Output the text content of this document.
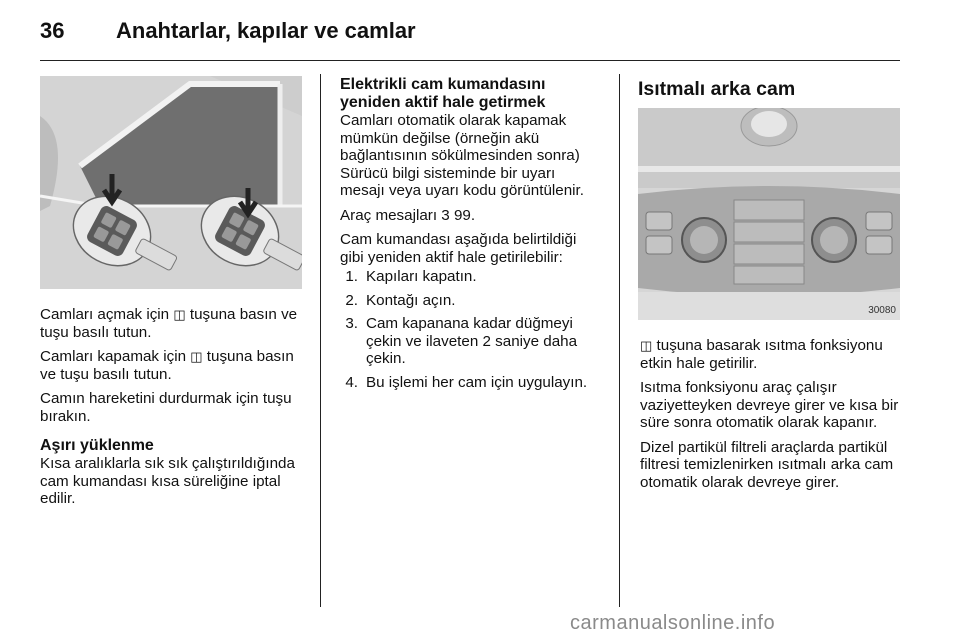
36 Anahtarlar, kapılar ve camlar

Camları açmak için ◫ tuşuna basın ve tuşu basılı tutun.

Camları kapamak için ◫ tuşuna basın ve tuşu basılı tutun.

Camın hareketini durdurmak için tuşu bırakın.

Aşırı yüklenme

Kısa aralıklarla sık sık çalıştırıldığında cam kumandası kısa süreliğine iptal edilir.

Elektrikli cam kumandasını yeniden aktif hale getirmek

Camları otomatik olarak kapamak mümkün değilse (örneğin akü bağlantısının sökülmesinden sonra) Sürücü bilgi sisteminde bir uyarı mesajı veya uyarı kodu görüntülenir.

Araç mesajları 3 99.

Cam kumandası aşağıda belirtildiği gibi yeniden aktif hale getirilebilir:

1. Kapıları kapatın.
2. Kontağı açın.
3. Cam kapanana kadar düğmeyi çekin ve ilaveten 2 saniye daha çekin.
4. Bu işlemi her cam için uygulayın.
Isıtmalı arka cam
30080

◫ tuşuna basarak ısıtma fonksiyonu etkin hale getirilir.

Isıtma fonksiyonu araç çalışır vaziyetteyken devreye girer ve kısa bir süre sonra otomatik olarak kapanır.

Dizel partikül filtreli araçlarda partikül filtresi temizlenirken ısıtmalı arka cam otomatik olarak devreye girer.

carmanualsonline.info
